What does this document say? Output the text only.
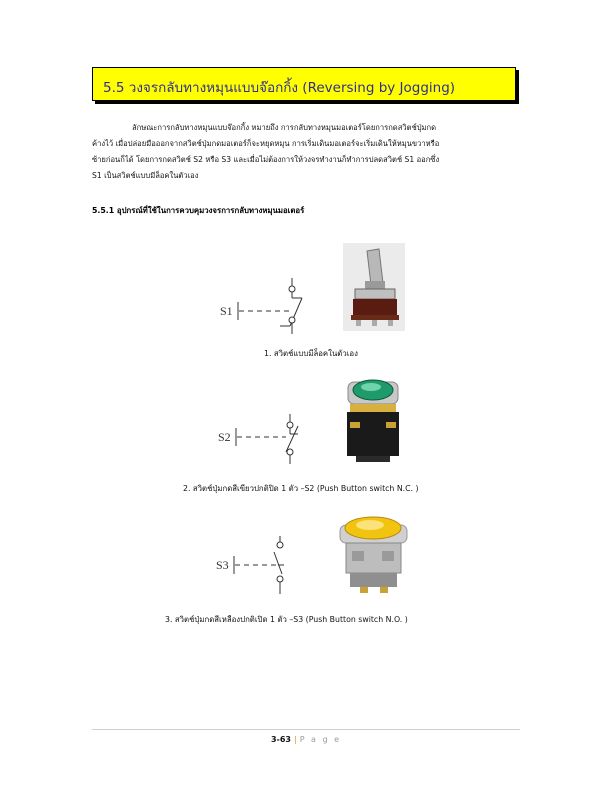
5.5 วงจรกลับทางหมุนแบบจ๊อกกิ้ง (Reversing by Jogging)
ลักษณะการกลับทางหมุนแบบจ๊อกกิ้ง หมายถึง การกลับทางหมุนมอเตอร์โดยการกดสวิตช์ปุ่มกด
ค้างไว้ เมื่อปล่อยมือออกจากสวิตช์ปุ่มกดมอเตอร์ก็จะหยุดหมุน การเริ่มเดินมอเตอร์จะเริ่มเดินให้หมุนขวาหรือ
ซ้ายก่อนก็ได้ โดยการกดสวิตช์ S2 หรือ S3 และเมื่อไม่ต้องการให้วงจรทำงานก็ทำการปลดสวิตช์ S1 ออกซึ่ง
S1 เป็นสวิตช์แบบมีล็อคในตัวเอง
5.5.1 อุปกรณ์ที่ใช้ในการควบคุมวงจรการกลับทางหมุนมอเตอร์
S1
1. สวิตช์แบบมีล็อคในตัวเอง
S2
2. สวิตช์ปุ่มกดสีเขียวปกติปิด 1 ตัว –S2 (Push Button switch N.C. )
S3
3. สวิตช์ปุ่มกดสีเหลืองปกติเปิด 1 ตัว –S3 (Push Button switch N.O. )
3-63 | P a g e
